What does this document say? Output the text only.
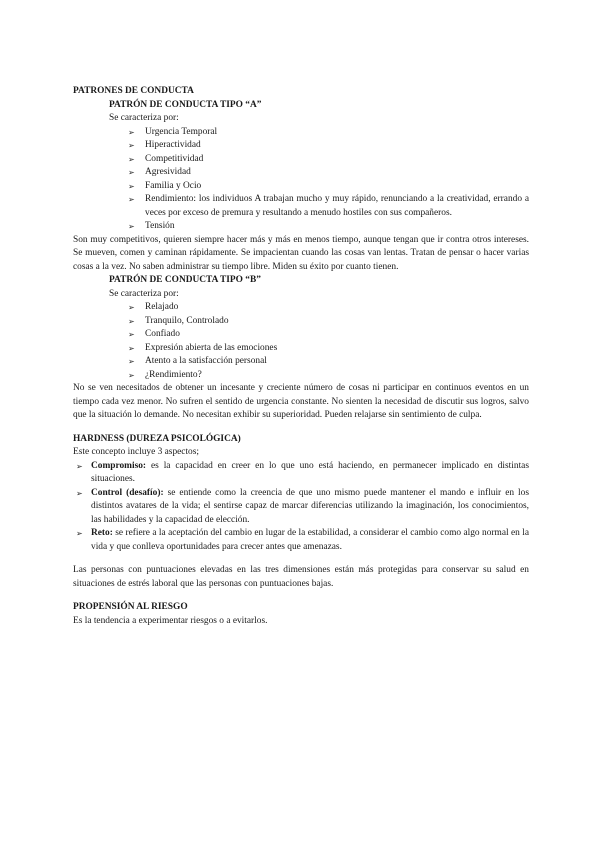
PATRONES DE CONDUCTA
PATRÓN DE CONDUCTA TIPO “A”
Se caracteriza por:
➢ Urgencia Temporal
➢ Hiperactividad
➢ Competitividad
➢ Agresividad
➢ Familia y Ocio
➢ Rendimiento: los individuos A trabajan mucho y muy rápido, renunciando a la creatividad, errando a veces por exceso de premura y resultando a menudo hostiles con sus compañeros.
➢ Tensión
Son muy competitivos, quieren siempre hacer más y más en menos tiempo, aunque tengan que ir contra otros intereses. Se mueven, comen y caminan rápidamente. Se impacientan cuando las cosas van lentas. Tratan de pensar o hacer varias cosas a la vez. No saben administrar su tiempo libre. Miden su éxito por cuanto tienen.
PATRÓN DE CONDUCTA TIPO “B”
Se caracteriza por:
➢ Relajado
➢ Tranquilo, Controlado
➢ Confiado
➢ Expresión abierta de las emociones
➢ Atento a la satisfacción personal
➢ ¿Rendimiento?
No se ven necesitados de obtener un incesante y creciente número de cosas ni participar en continuos eventos en un tiempo cada vez menor. No sufren el sentido de urgencia constante. No sienten la necesidad de discutir sus logros, salvo que la situación lo demande. No necesitan exhibir su superioridad. Pueden relajarse sin sentimiento de culpa.
HARDNESS (DUREZA PSICOLÓGICA)
Este concepto incluye 3 aspectos;
➢ Compromiso: es la capacidad en creer en lo que uno está haciendo, en permanecer implicado en distintas situaciones.
➢ Control (desafío): se entiende como la creencia de que uno mismo puede mantener el mando e influir en los distintos avatares de la vida; el sentirse capaz de marcar diferencias utilizando la imaginación, los conocimientos, las habilidades y la capacidad de elección.
➢ Reto: se refiere a la aceptación del cambio en lugar de la estabilidad, a considerar el cambio como algo normal en la vida y que conlleva oportunidades para crecer antes que amenazas.
Las personas con puntuaciones elevadas en las tres dimensiones están más protegidas para conservar su salud en situaciones de estrés laboral que las personas con puntuaciones bajas.
PROPENSIÓN AL RIESGO
Es la tendencia a experimentar riesgos o a evitarlos.
